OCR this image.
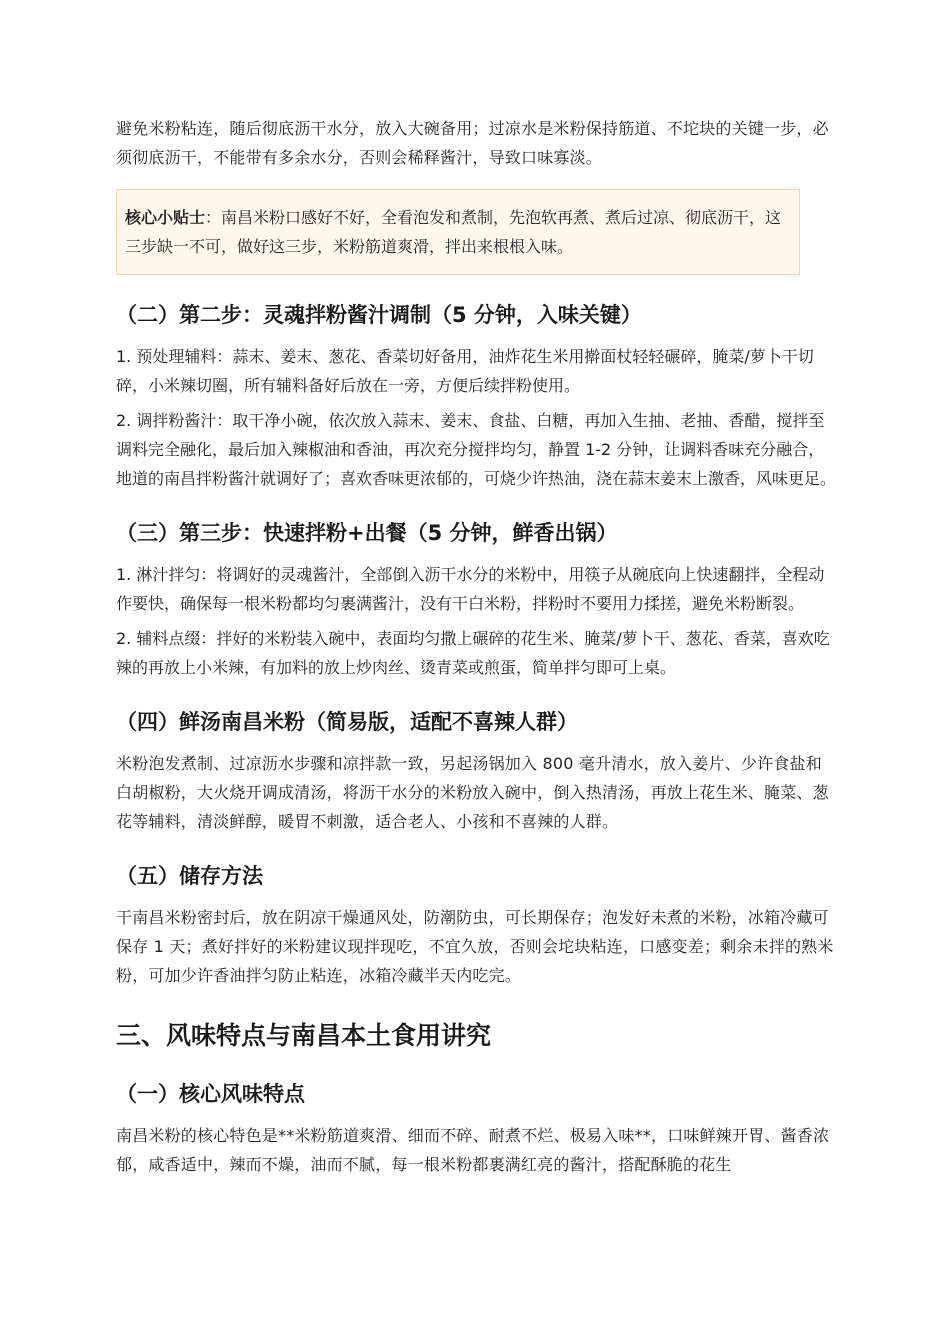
避免米粉粘连，随后彻底沥干水分，放入大碗备用；过凉水是米粉保持筋道、不坨块的关键一步，必须彻底沥干，不能带有多余水分，否则会稀释酱汁，导致口味寡淡。

核心小贴士：南昌米粉口感好不好，全看泡发和煮制，先泡软再煮、煮后过凉、彻底沥干，这三步缺一不可，做好这三步，米粉筋道爽滑，拌出来根根入味。
（二）第二步：灵魂拌粉酱汁调制（5 分钟，入味关键）

1. 预处理辅料：蒜末、姜末、葱花、香菜切好备用，油炸花生米用擀面杖轻轻碾碎，腌菜/萝卜干切碎，小米辣切圈，所有辅料备好后放在一旁，方便后续拌粉使用。

2. 调拌粉酱汁：取干净小碗，依次放入蒜末、姜末、食盐、白糖，再加入生抽、老抽、香醋，搅拌至调料完全融化，最后加入辣椒油和香油，再次充分搅拌均匀，静置 1-2 分钟，让调料香味充分融合，地道的南昌拌粉酱汁就调好了；喜欢香味更浓郁的，可烧少许热油，浇在蒜末姜末上激香，风味更足。

（三）第三步：快速拌粉+出餐（5 分钟，鲜香出锅）

1. 淋汁拌匀：将调好的灵魂酱汁，全部倒入沥干水分的米粉中，用筷子从碗底向上快速翻拌，全程动作要快，确保每一根米粉都均匀裹满酱汁，没有干白米粉，拌粉时不要用力揉搓，避免米粉断裂。

2. 辅料点缀：拌好的米粉装入碗中，表面均匀撒上碾碎的花生米、腌菜/萝卜干、葱花、香菜，喜欢吃辣的再放上小米辣，有加料的放上炒肉丝、烫青菜或煎蛋，简单拌匀即可上桌。

（四）鲜汤南昌米粉（简易版，适配不喜辣人群）

米粉泡发煮制、过凉沥水步骤和凉拌款一致，另起汤锅加入 800 毫升清水，放入姜片、少许食盐和白胡椒粉，大火烧开调成清汤，将沥干水分的米粉放入碗中，倒入热清汤，再放上花生米、腌菜、葱花等辅料，清淡鲜醇，暖胃不刺激，适合老人、小孩和不喜辣的人群。

（五）储存方法

干南昌米粉密封后，放在阴凉干燥通风处，防潮防虫，可长期保存；泡发好未煮的米粉，冰箱冷藏可保存 1 天；煮好拌好的米粉建议现拌现吃，不宜久放，否则会坨块粘连，口感变差；剩余未拌的熟米粉，可加少许香油拌匀防止粘连，冰箱冷藏半天内吃完。

三、风味特点与南昌本土食用讲究
（一）核心风味特点

南昌米粉的核心特色是**米粉筋道爽滑、细而不碎、耐煮不烂、极易入味**，口味鲜辣开胃、酱香浓郁，咸香适中，辣而不燥，油而不腻，每一根米粉都裹满红亮的酱汁，搭配酥脆的花生
